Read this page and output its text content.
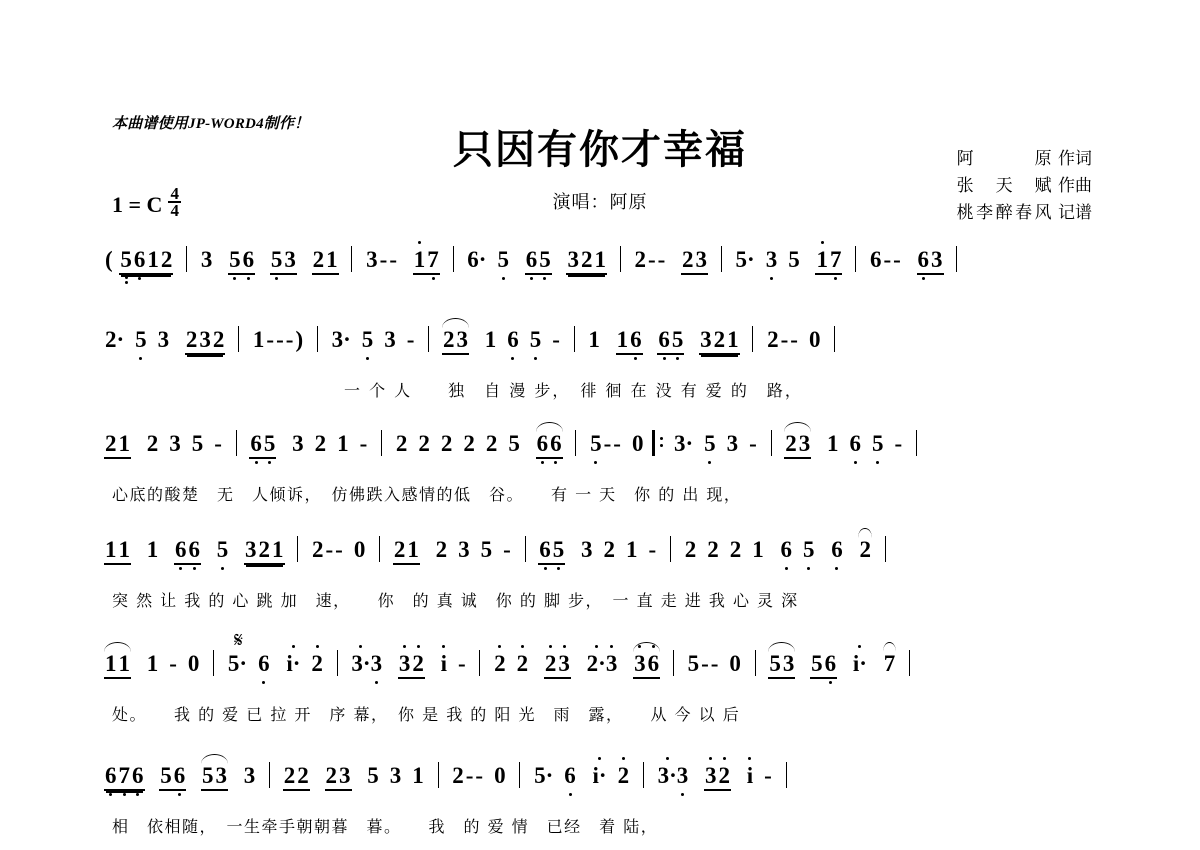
本曲谱使用JP-WORD4制作！
只因有你才幸福
演唱：阿原
阿　　原 作词
张 天 赋 作曲
桃李醉春风 记谱
1 = C $\frac{4}{4}$
( 5612 3 56 53 21 3-- 17 6· 5 65 321 2-- 23 5· 3 5 17 6-- 63
2· 5 3 232 1---) 3· 5 3 - 23 1 6 5 - 1 16 65 321 2-- 0
一 个 人　　独　自 漫 步，　徘 徊 在 没 有 爱 的　路，
21 2 3 5 - 65 3 2 1 - 2 2 2 2 2 5 66 5-- 0 3· 5 3 - 23 1 6 5 -
心底的酸楚　无　人倾诉，　仿佛跌入感情的低　谷。　　有 一 天　你 的 出 现，
11 1 66 5 321 2-- 0 21 2 3 5 - 65 3 2 1 - 2 2 2 1 6 5 6 2
突 然 让 我 的 心 跳 加　速，　　你　的 真 诚　你 的 脚 步，　一 直 走 进 我 心 灵 深
𝄋
11 1 - 0 5· 6 i· 2 3·3 32 i - 2 2 23 2·3 36 5-- 0 53 56 i· 7
处。　　我 的 爱 已 拉 开　序 幕，　你 是 我 的 阳 光　雨　露，　　从 今 以 后
676 56 53 3 22 23 5 3 1 2-- 0 5· 6 i· 2 3·3 32 i -
相　依相随，　一生牵手朝朝暮　暮。　　我　的 爱 情　已经　着 陆，
